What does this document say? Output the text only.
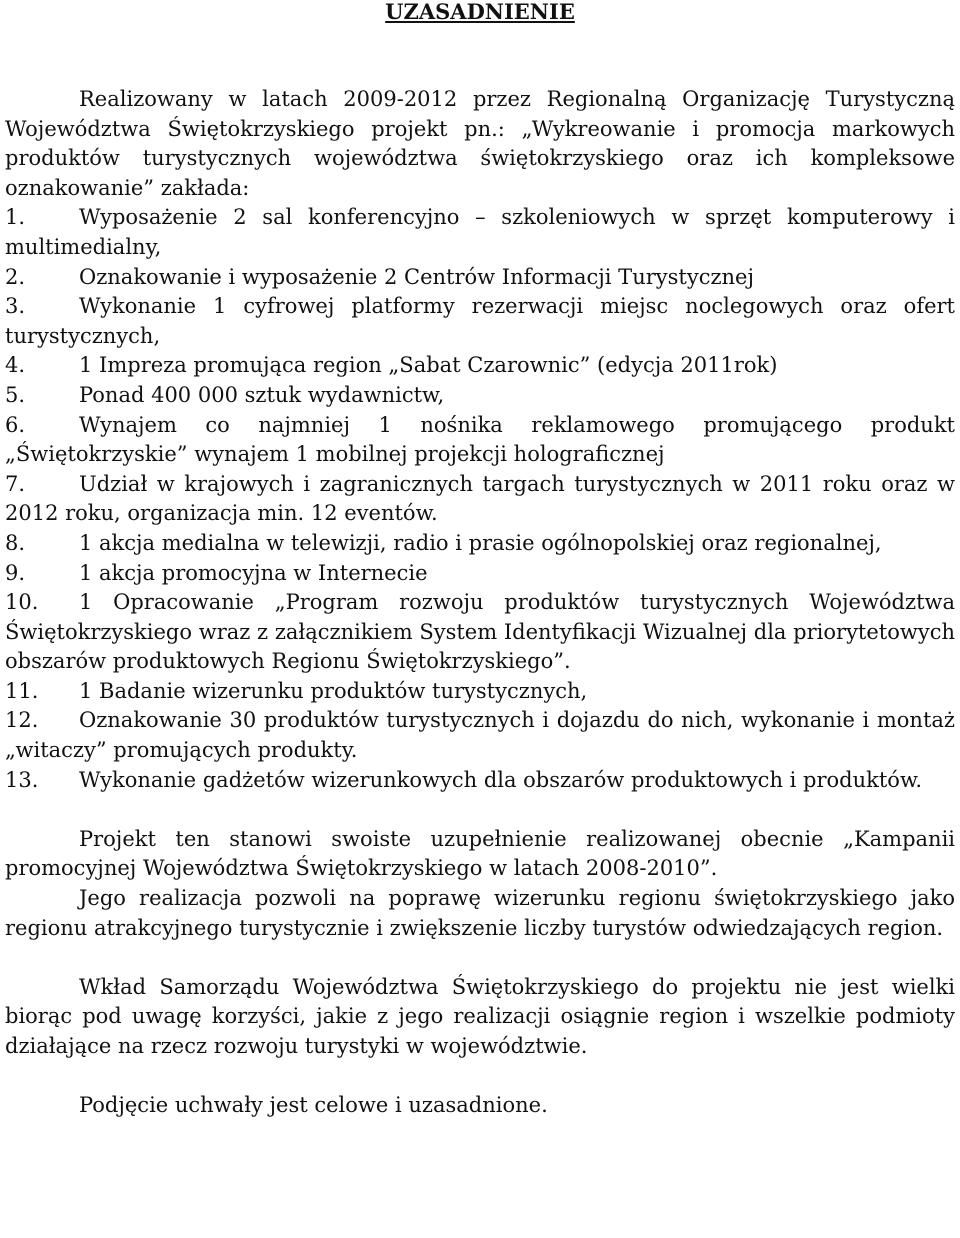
UZASADNIENIE

Realizowany w latach 2009-2012 przez Regionalną Organizację Turystyczną Województwa Świętokrzyskiego projekt pn.: „Wykreowanie i promocja markowych produktów turystycznych województwa świętokrzyskiego oraz ich kompleksowe oznakowanie” zakłada:

1.	Wyposażenie 2 sal konferencyjno – szkoleniowych w sprzęt komputerowy i multimedialny,
2.	Oznakowanie i wyposażenie 2 Centrów Informacji Turystycznej
3.	Wykonanie 1 cyfrowej platformy rezerwacji miejsc noclegowych oraz ofert turystycznych,
4.	1 Impreza promująca region „Sabat Czarownic” (edycja 2011rok)
5.	Ponad 400 000 sztuk wydawnictw,
6.	Wynajem co najmniej 1 nośnika reklamowego promującego produkt „Świętokrzyskie” wynajem 1 mobilnej projekcji holograficznej
7.	Udział w krajowych i zagranicznych targach turystycznych w 2011 roku oraz w 2012 roku, organizacja min. 12 eventów.
8.	1 akcja medialna w telewizji, radio i prasie ogólnopolskiej oraz regionalnej,
9.	1 akcja promocyjna w Internecie
10. 1 Opracowanie „Program rozwoju produktów turystycznych Województwa Świętokrzyskiego wraz z załącznikiem System Identyfikacji Wizualnej dla priorytetowych obszarów produktowych Regionu Świętokrzyskiego”.
11. 1 Badanie wizerunku produktów turystycznych,
12. Oznakowanie 30 produktów turystycznych i dojazdu do nich, wykonanie i montaż „witaczy” promujących produkty.
13. Wykonanie gadżetów wizerunkowych dla obszarów produktowych i produktów.

Projekt ten stanowi swoiste uzupełnienie realizowanej obecnie „Kampanii promocyjnej Województwa Świętokrzyskiego w latach 2008-2010”.

Jego realizacja pozwoli na poprawę wizerunku regionu świętokrzyskiego jako regionu atrakcyjnego turystycznie i zwiększenie liczby turystów odwiedzających region.

Wkład Samorządu Województwa Świętokrzyskiego do projektu nie jest wielki biorąc pod uwagę korzyści, jakie z jego realizacji osiągnie region i wszelkie podmioty działające na rzecz rozwoju turystyki w województwie.

Podjęcie uchwały jest celowe i uzasadnione.
